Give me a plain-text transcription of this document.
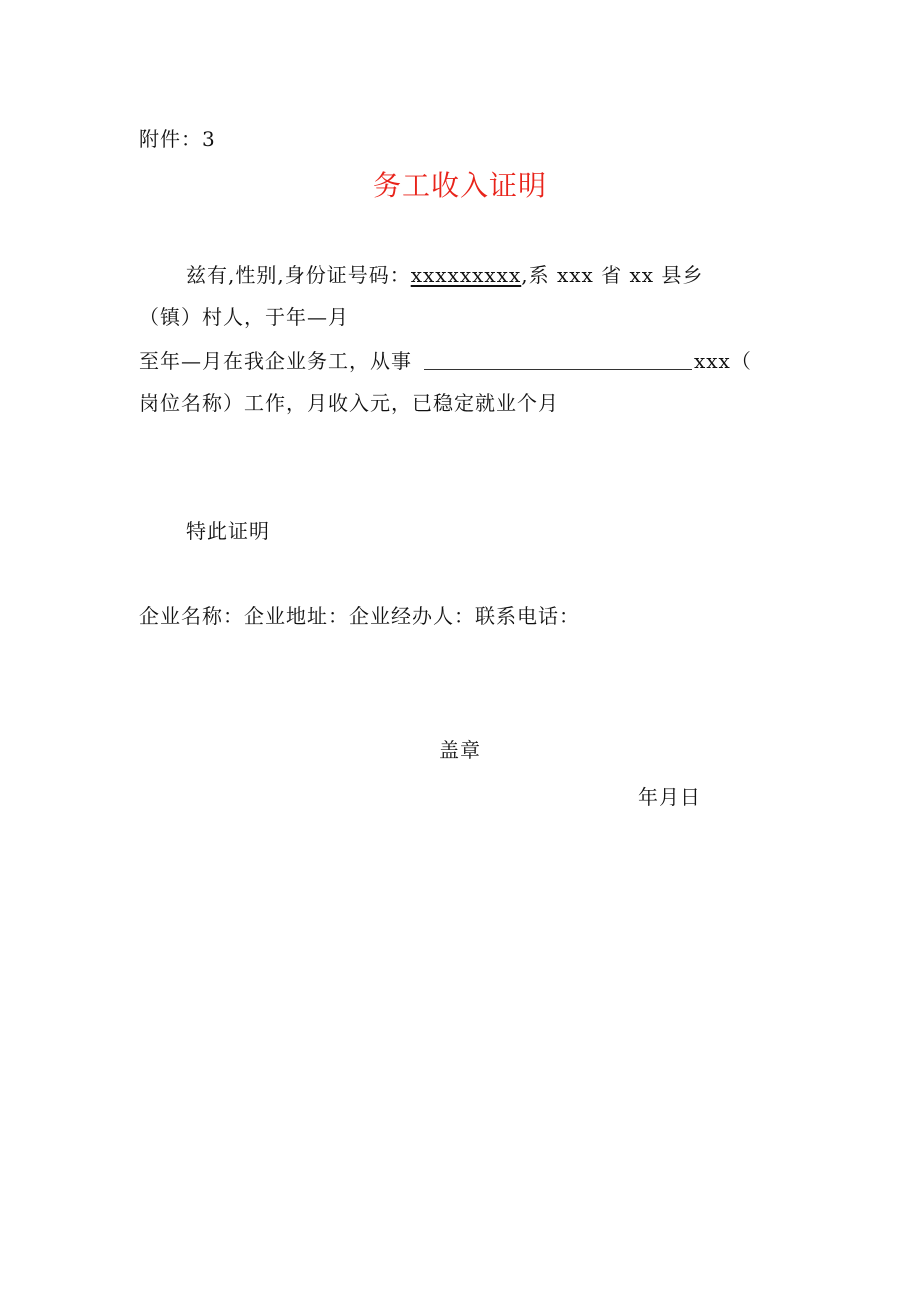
附件：3
务工收入证明
兹有,性别,身份证号码：xxxxxxxxx,系 xxx 省 xx 县乡
（镇）村人，于年—月
至年—月在我企业务工，从事	xxx（
岗位名称）工作，月收入元，已稳定就业个月
特此证明
企业名称：企业地址：企业经办人：联系电话：
盖章
年月日
